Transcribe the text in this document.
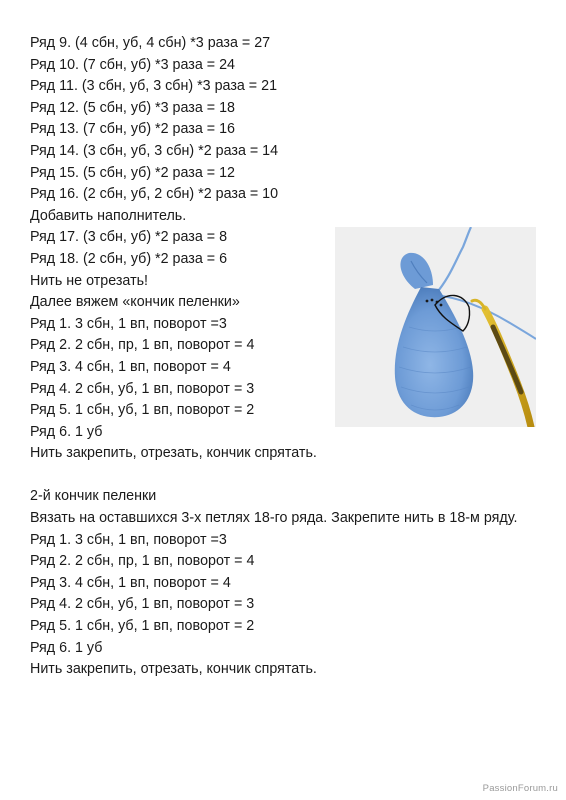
Ряд 9. (4 сбн, уб, 4 сбн) *3 раза = 27
Ряд 10. (7 сбн, уб) *3 раза = 24
Ряд 11. (3 сбн, уб, 3 сбн) *3 раза = 21
Ряд 12. (5 сбн, уб) *3 раза = 18
Ряд 13. (7 сбн, уб) *2 раза = 16
Ряд 14. (3 сбн, уб, 3 сбн) *2 раза = 14
Ряд 15. (5 сбн, уб) *2 раза = 12
Ряд 16. (2 сбн, уб, 2 сбн) *2 раза = 10
Добавить наполнитель.
Ряд 17. (3 сбн, уб) *2 раза = 8
Ряд 18. (2 сбн, уб) *2 раза = 6
Нить не отрезать!
Далее вяжем «кончик пеленки»
Ряд 1. 3 сбн, 1 вп, поворот =3
Ряд 2. 2 сбн, пр, 1 вп, поворот = 4
Ряд 3. 4 сбн, 1 вп, поворот = 4
Ряд 4. 2 сбн, уб, 1 вп, поворот = 3
Ряд 5. 1 сбн, уб, 1 вп, поворот = 2
Ряд 6. 1 уб
Нить закрепить, отрезать, кончик спрятать.
2-й кончик пеленки
Вязать на оставшихся 3-х петлях 18-го ряда. Закрепите нить в 18-м ряду.
Ряд 1. 3 сбн, 1 вп, поворот =3
Ряд 2. 2 сбн, пр, 1 вп, поворот = 4
Ряд 3. 4 сбн, 1 вп, поворот = 4
Ряд 4. 2 сбн, уб, 1 вп, поворот = 3
Ряд 5. 1 сбн, уб, 1 вп, поворот = 2
Ряд 6. 1 уб
Нить закрепить, отрезать, кончик спрятать.
PassionForum.ru
